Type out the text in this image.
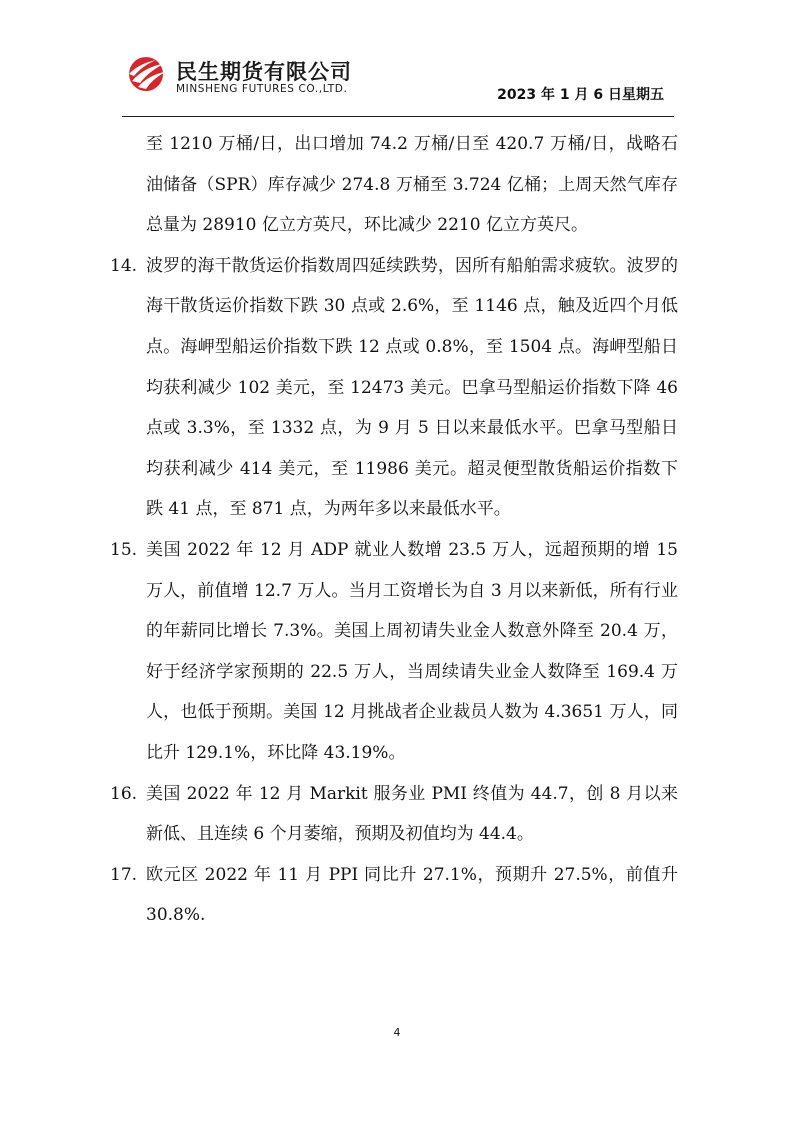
民生期货有限公司
MINSHENG FUTURES CO.,LTD.	2023 年 1 月 6 日星期五

至 1210 万桶/日，出口增加 74.2 万桶/日至 420.7 万桶/日，战略石油储备（SPR）库存减少 274.8 万桶至 3.724 亿桶；上周天然气库存总量为 28910 亿立方英尺，环比减少 2210 亿立方英尺。

14. 波罗的海干散货运价指数周四延续跌势，因所有船舶需求疲软。波罗的海干散货运价指数下跌 30 点或 2.6%，至 1146 点，触及近四个月低点。海岬型船运价指数下跌 12 点或 0.8%，至 1504 点。海岬型船日均获利减少 102 美元，至 12473 美元。巴拿马型船运价指数下降 46 点或 3.3%，至 1332 点，为 9 月 5 日以来最低水平。巴拿马型船日均获利减少 414 美元，至 11986 美元。超灵便型散货船运价指数下跌 41 点，至 871 点，为两年多以来最低水平。

15. 美国 2022 年 12 月 ADP 就业人数增 23.5 万人，远超预期的增 15 万人，前值增 12.7 万人。当月工资增长为自 3 月以来新低，所有行业的年薪同比增长 7.3%。美国上周初请失业金人数意外降至 20.4 万，好于经济学家预期的 22.5 万人，当周续请失业金人数降至 169.4 万人，也低于预期。美国 12 月挑战者企业裁员人数为 4.3651 万人，同比升 129.1%，环比降 43.19%。

16. 美国 2022 年 12 月 Markit 服务业 PMI 终值为 44.7，创 8 月以来新低、且连续 6 个月萎缩，预期及初值均为 44.4。

17. 欧元区 2022 年 11 月 PPI 同比升 27.1%，预期升 27.5%，前值升 30.8%.

4
